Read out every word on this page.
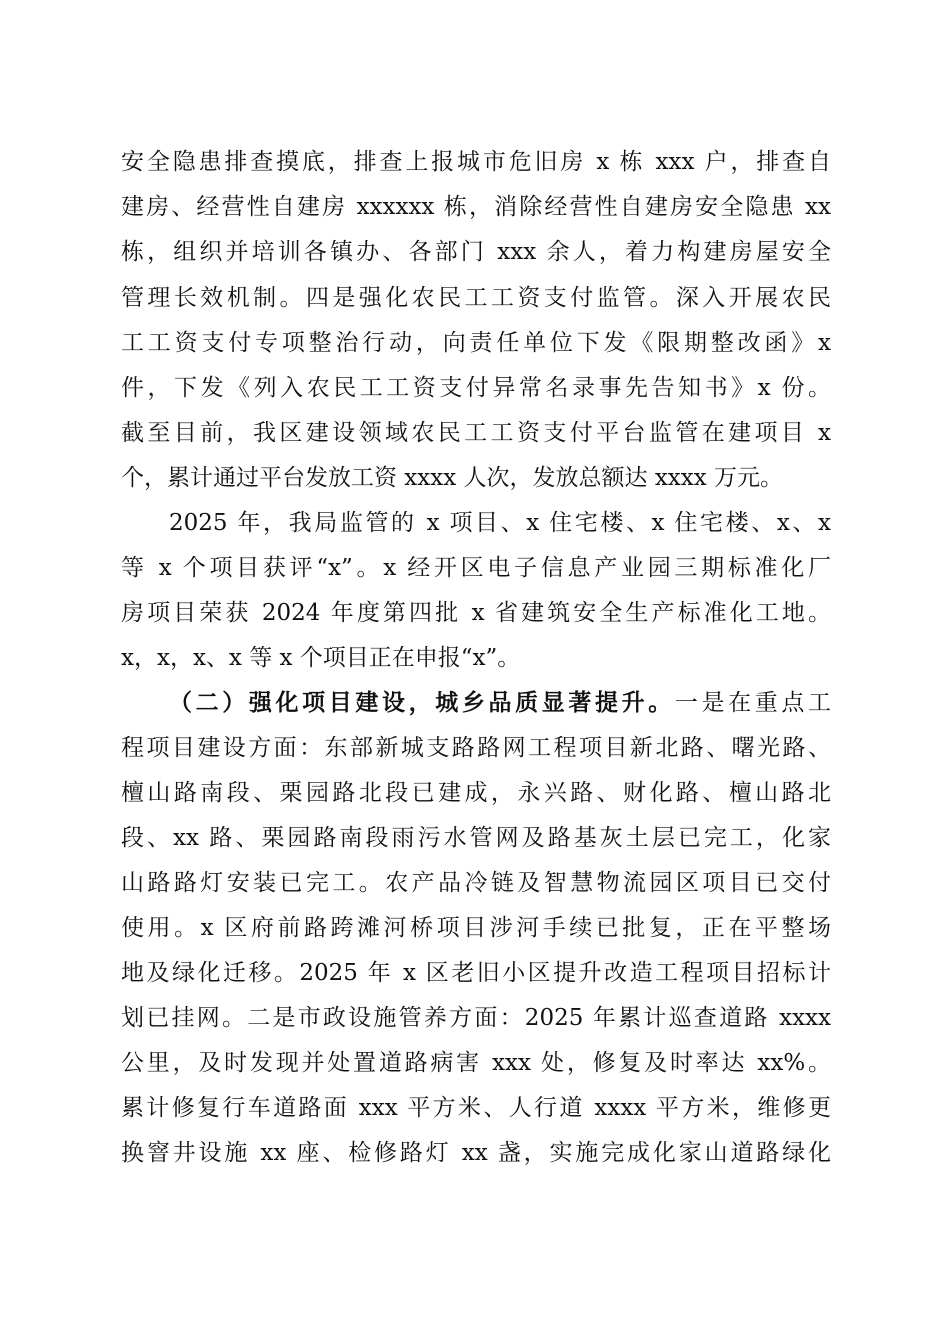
安全隐患排查摸底，排查上报城市危旧房 x 栋 xxx 户，排查自
建房、经营性自建房 xxxxxx 栋，消除经营性自建房安全隐患 xx
栋，组织并培训各镇办、各部门 xxx 余人，着力构建房屋安全
管理长效机制。四是强化农民工工资支付监管。深入开展农民
工工资支付专项整治行动，向责任单位下发《限期整改函》x
件，下发《列入农民工工资支付异常名录事先告知书》x 份。
截至目前，我区建设领域农民工工资支付平台监管在建项目 x
个，累计通过平台发放工资 xxxx 人次，发放总额达 xxxx 万元。
2025 年，我局监管的 x 项目、x 住宅楼、x 住宅楼、x、x
等 x 个项目获评“x”。x 经开区电子信息产业园三期标准化厂
房项目荣获 2024 年度第四批 x 省建筑安全生产标准化工地。
x，x，x、x 等 x 个项目正在申报“x”。
（二）强化项目建设，城乡品质显著提升。一是在重点工
程项目建设方面：东部新城支路路网工程项目新北路、曙光路、
檀山路南段、栗园路北段已建成，永兴路、财化路、檀山路北
段、xx 路、栗园路南段雨污水管网及路基灰土层已完工，化家
山路路灯安装已完工。农产品冷链及智慧物流园区项目已交付
使用。x 区府前路跨滩河桥项目涉河手续已批复，正在平整场
地及绿化迁移。2025 年 x 区老旧小区提升改造工程项目招标计
划已挂网。二是市政设施管养方面：2025 年累计巡查道路 xxxx
公里，及时发现并处置道路病害 xxx 处，修复及时率达 xx%。
累计修复行车道路面 xxx 平方米、人行道 xxxx 平方米，维修更
换窨井设施 xx 座、检修路灯 xx 盏，实施完成化家山道路绿化
